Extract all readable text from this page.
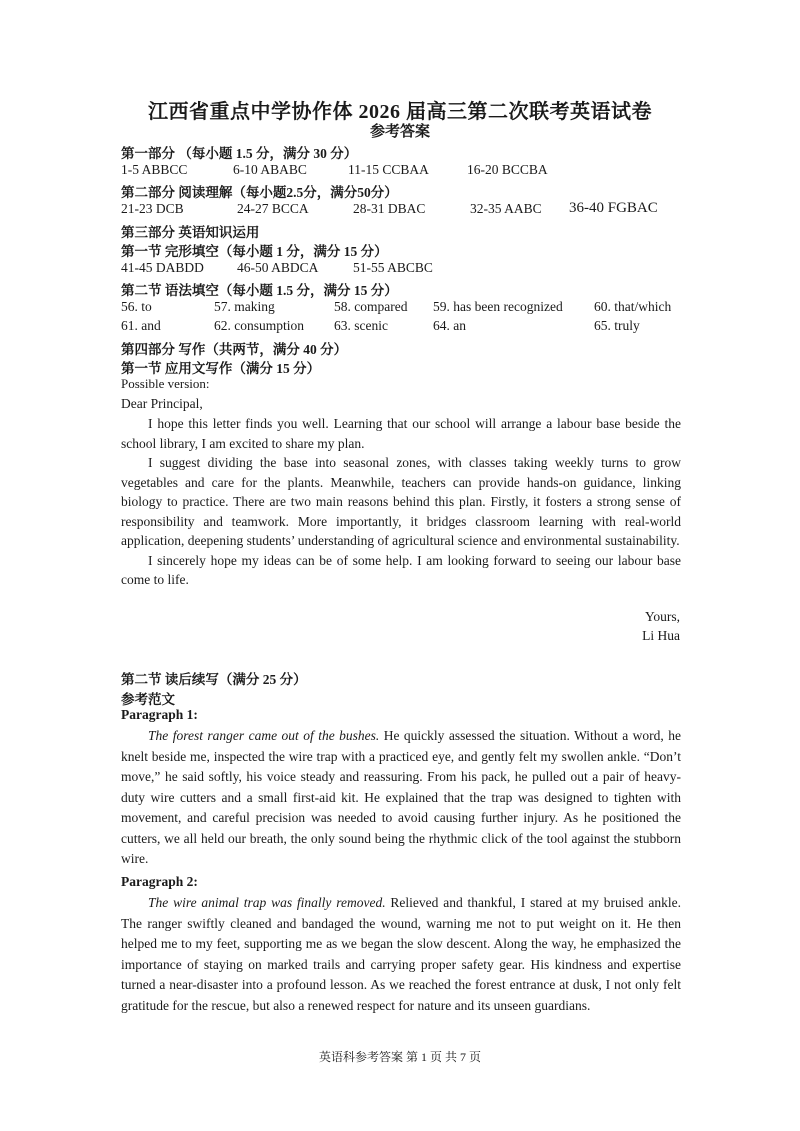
江西省重点中学协作体 2026 届高三第二次联考英语试卷
参考答案
第一部分 （每小题 1.5 分，满分 30 分）
1-5 ABBCC	6-10 ABABC	11-15 CCBAA	16-20 BCCBA
第二部分 阅读理解（每小题2.5分，满分50分）
21-23 DCB	24-27 BCCA	28-31 DBAC	32-35 AABC 36-40 FGBAC
第三部分 英语知识运用
第一节 完形填空（每小题 1 分，满分 15 分）
41-45 DABDD 46-50 ABDCA	51-55 ABCBC
第二节 语法填空（每小题 1.5 分，满分 15 分）
56. to	57. making	58. compared 59. has been recognized 60. that/which
61. and	62. consumption 63. scenic	64. an	65. truly
第四部分 写作（共两节，满分 40 分）
第一节 应用文写作（满分 15 分）
Possible version:
Dear Principal,

I hope this letter finds you well. Learning that our school will arrange a labour base beside the school library, I am excited to share my plan.

I suggest dividing the base into seasonal zones, with classes taking weekly turns to grow vegetables and care for the plants. Meanwhile, teachers can provide hands-on guidance, linking biology to practice. There are two main reasons behind this plan. Firstly, it fosters a strong sense of responsibility and teamwork. More importantly, it bridges classroom learning with real-world application, deepening students’ understanding of agricultural science and environmental sustainability.

I sincerely hope my ideas can be of some help. I am looking forward to seeing our labour base come to life.

Yours,
Li Hua
第二节 读后续写（满分 25 分）
参考范文
Paragraph 1:

The forest ranger came out of the bushes. He quickly assessed the situation. Without a word, he knelt beside me, inspected the wire trap with a practiced eye, and gently felt my swollen ankle. “Don’t move,” he said softly, his voice steady and reassuring. From his pack, he pulled out a pair of heavy-duty wire cutters and a small first-aid kit. He explained that the trap was designed to tighten with movement, and careful precision was needed to avoid causing further injury. As he positioned the cutters, we all held our breath, the only sound being the rhythmic click of the tool against the stubborn wire.

Paragraph 2:

The wire animal trap was finally removed. Relieved and thankful, I stared at my bruised ankle. The ranger swiftly cleaned and bandaged the wound, warning me not to put weight on it. He then helped me to my feet, supporting me as we began the slow descent. Along the way, he emphasized the importance of staying on marked trails and carrying proper safety gear. His kindness and expertise turned a near-disaster into a profound lesson. As we reached the forest entrance at dusk, I not only felt gratitude for the rescue, but also a renewed respect for nature and its unseen guardians.

英语科参考答案 第 1 页 共 7 页
